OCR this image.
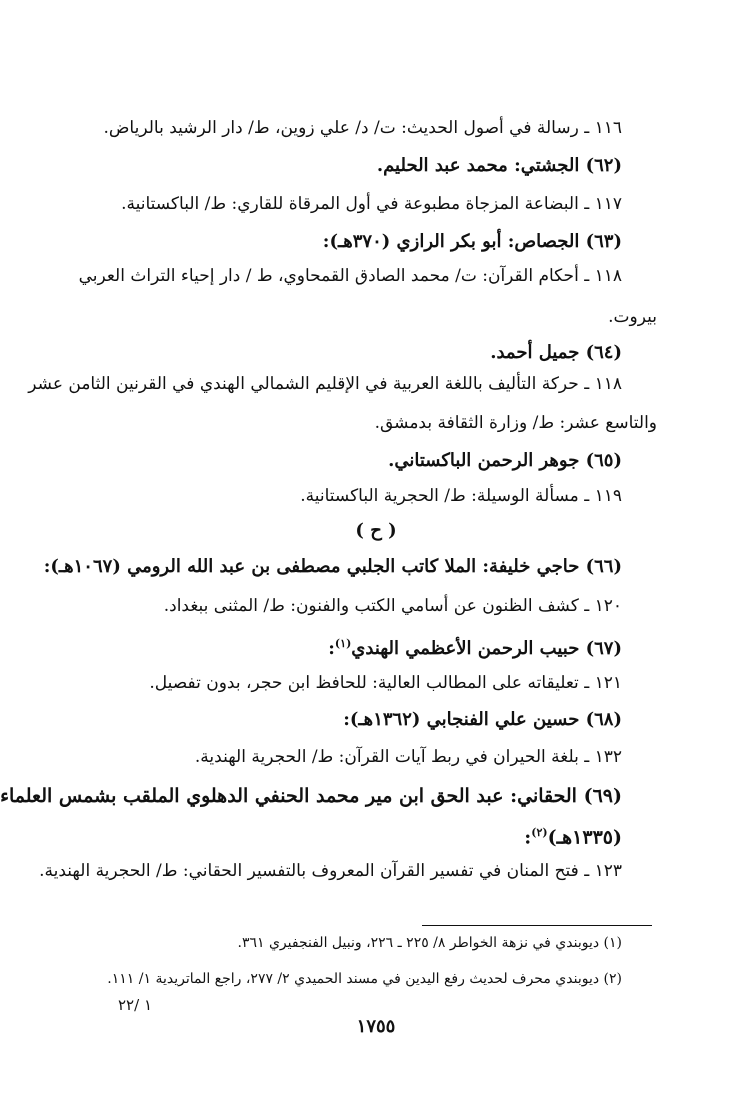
١١٦ ـ رسالة في أصول الحديث: ت/ د/ علي زوين، ط/ دار الرشيد بالرياض.
(٦٢) الجشتي: محمد عبد الحليم.
١١٧ ـ البضاعة المزجاة مطبوعة في أول المرقاة للقاري: ط/ الباكستانية.
(٦٣) الجصاص: أبو بكر الرازي (٣٧٠هـ):
١١٨ ـ أحكام القرآن: ت/ محمد الصادق القمحاوي، ط / دار إحياء التراث العربي
بيروت.
(٦٤) جميل أحمد.
١١٨ ـ حركة التأليف باللغة العربية في الإقليم الشمالي الهندي في القرنين الثامن عشر
والتاسع عشر: ط/ وزارة الثقافة بدمشق.
(٦٥) جوهر الرحمن الباكستاني.
١١٩ ـ مسألة الوسيلة: ط/ الحجرية الباكستانية.
( ح )
(٦٦) حاجي خليفة: الملا كاتب الجلبي مصطفى بن عبد الله الرومي (١٠٦٧هـ):
١٢٠ ـ كشف الظنون عن أسامي الكتب والفنون: ط/ المثنى ببغداد.
(٦٧) حبيب الرحمن الأعظمي الهندي$^{(١)}$:
١٢١ ـ تعليقاته على المطالب العالية: للحافظ ابن حجر، بدون تفصيل.
(٦٨) حسين علي الفنجابي (١٣٦٢هـ):
١٣٢ ـ بلغة الحيران في ربط آيات القرآن: ط/ الحجرية الهندية.
(٦٩) الحقاني: عبد الحق ابن مير محمد الحنفي الدهلوي الملقب بشمس العلماء
(١٣٣٥هـ)$^{(٢)}$:
١٢٣ ـ فتح المنان في تفسير القرآن المعروف بالتفسير الحقاني: ط/ الحجرية الهندية.
(١) ديوبندي في نزهة الخواطر ٨/ ٢٢٥ ـ ٢٢٦، ونبيل الفنجفيري ٣٦١.
(٢) ديوبندي محرف لحديث رفع اليدين في مسند الحميدي ٢/ ٢٧٧، راجع الماتريدية ١/ ١١١.
١ /٢٢
١٧٥٥
